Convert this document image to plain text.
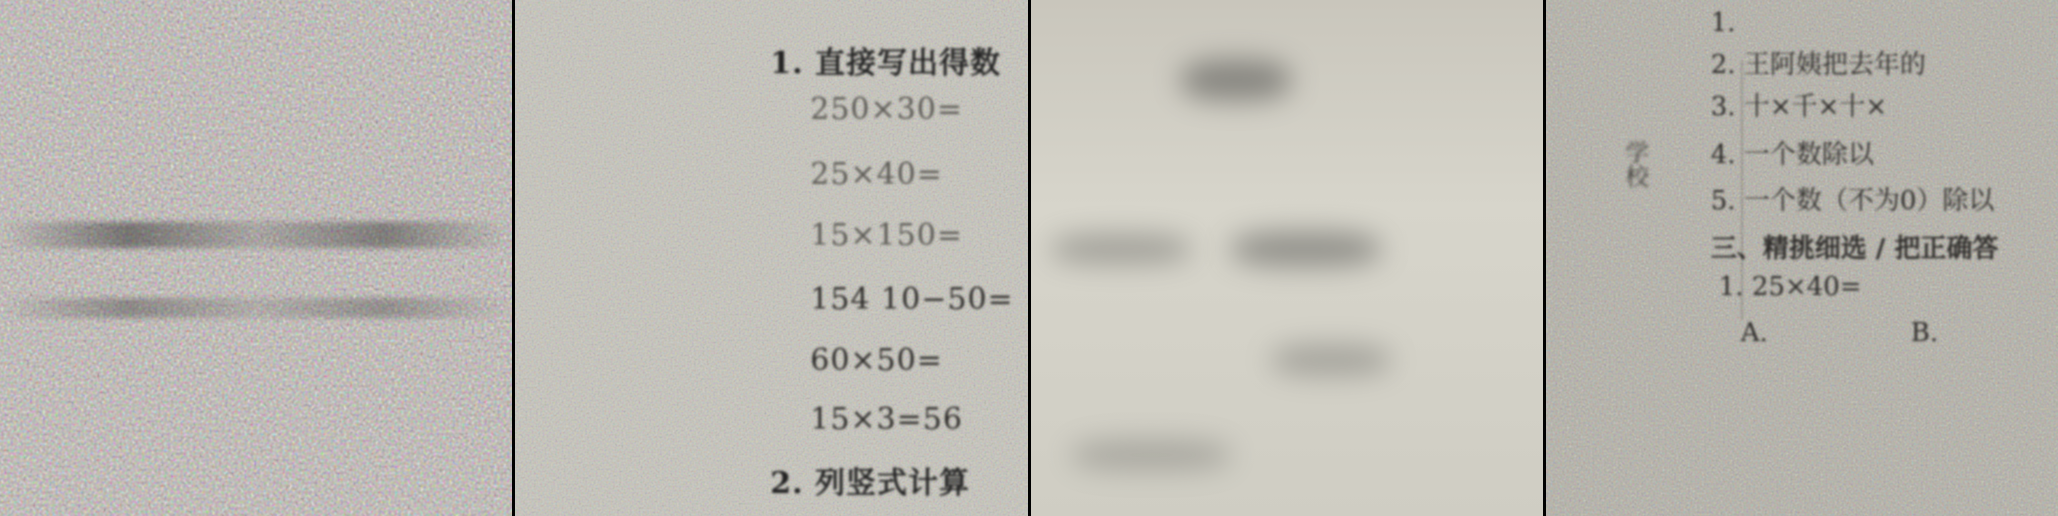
1. 直接写出得数
250×30=
25×40=
15×150=
154 10−50=
60×50=
15×3=56
2. 列竖式计算
学校
1.
2. 王阿姨把去年的
3. 十×千×十×
4. 一个数除以
5. 一个数（不为0）除以
三、精挑细选 / 把正确答
1. 25×40=
A.	B.
